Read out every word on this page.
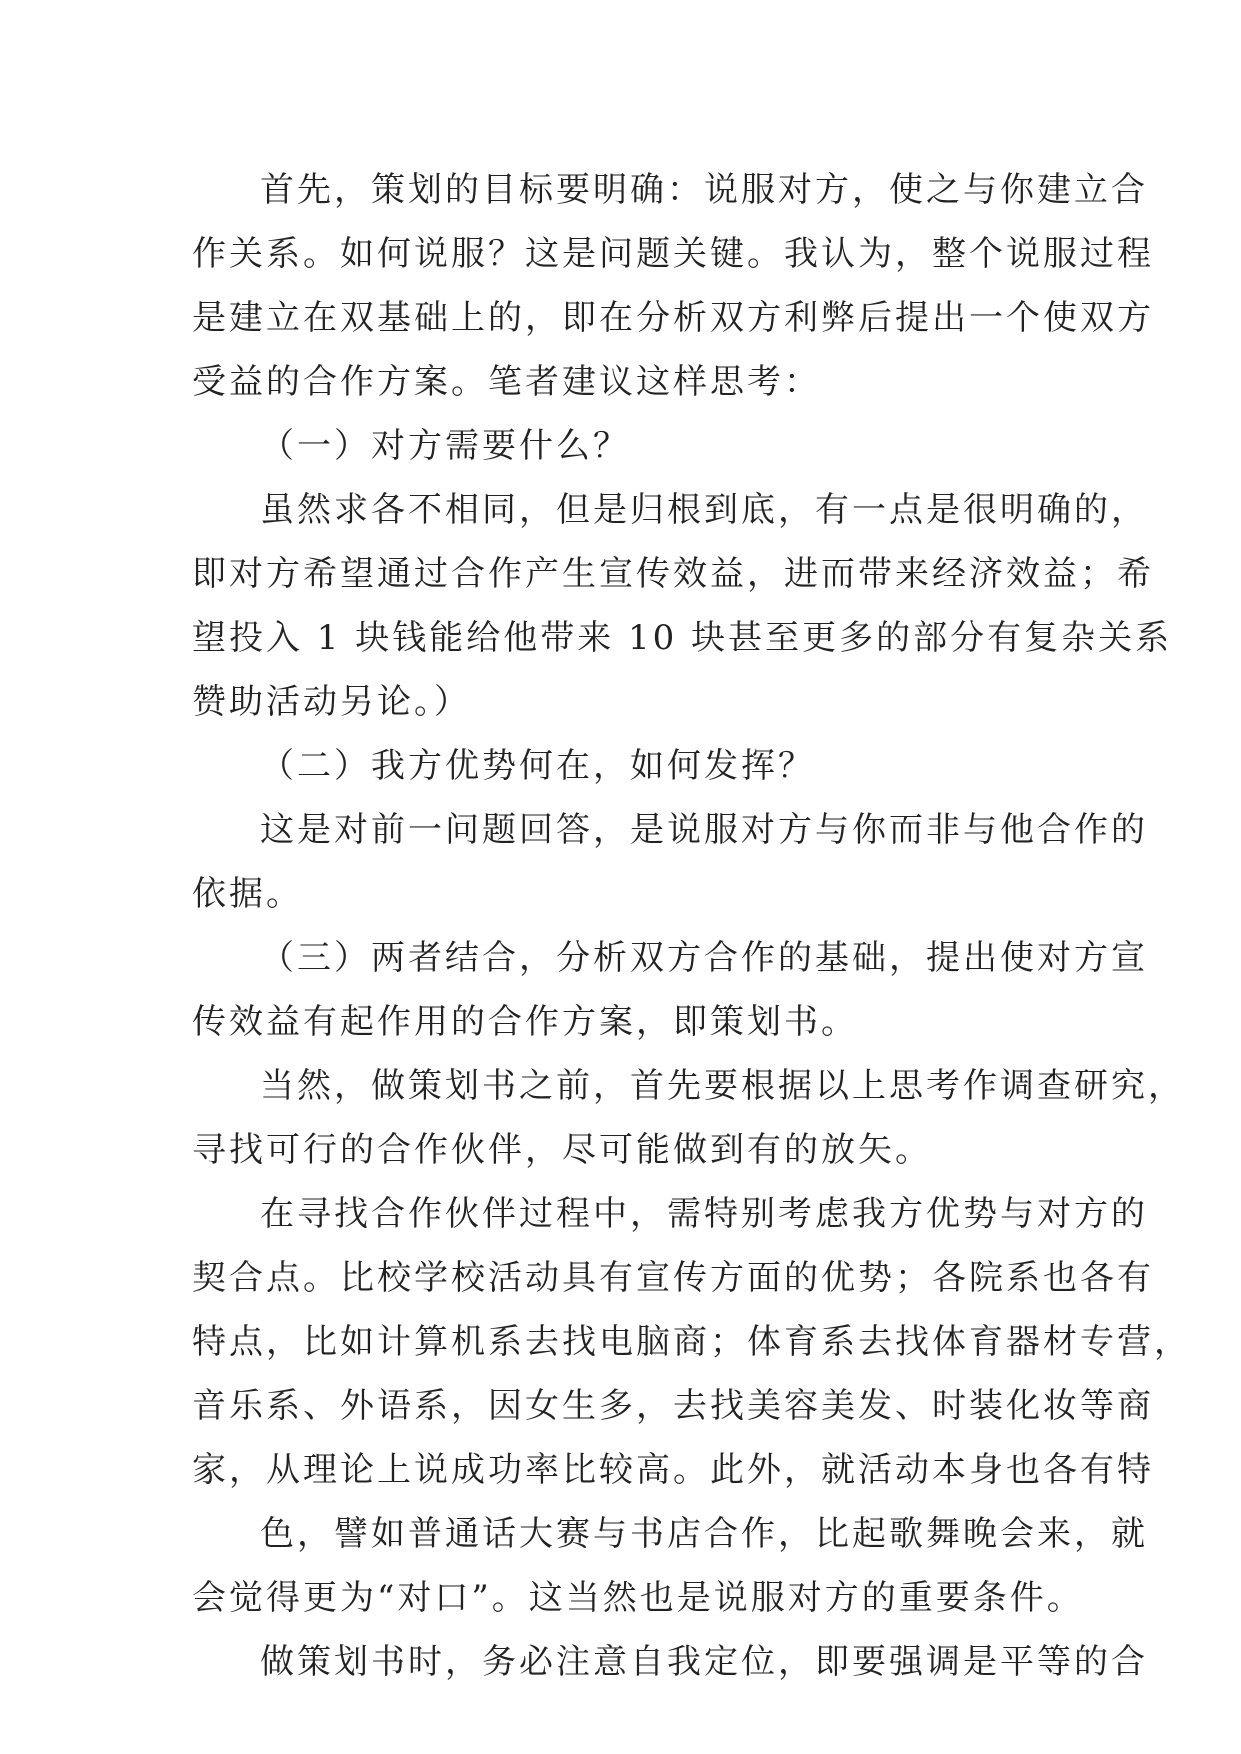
首先，策划的目标要明确：说服对方，使之与你建立合
作关系。如何说服？这是问题关键。我认为，整个说服过程
是建立在双基础上的，即在分析双方利弊后提出一个使双方
受益的合作方案。笔者建议这样思考：
（一）对方需要什么？
虽然求各不相同，但是归根到底，有一点是很明确的，
即对方希望通过合作产生宣传效益，进而带来经济效益；希
望投入 1 块钱能给他带来 10 块甚至更多的部分有复杂关系
赞助活动另论。）
（二）我方优势何在，如何发挥？
这是对前一问题回答，是说服对方与你而非与他合作的
依据。
（三）两者结合，分析双方合作的基础，提出使对方宣
传效益有起作用的合作方案，即策划书。
当然，做策划书之前，首先要根据以上思考作调查研究，
寻找可行的合作伙伴，尽可能做到有的放矢。
在寻找合作伙伴过程中，需特别考虑我方优势与对方的
契合点。比校学校活动具有宣传方面的优势；各院系也各有
特点，比如计算机系去找电脑商；体育系去找体育器材专营，
音乐系、外语系，因女生多，去找美容美发、时装化妆等商
家，从理论上说成功率比较高。此外，就活动本身也各有特
色，譬如普通话大赛与书店合作，比起歌舞晚会来，就
会觉得更为“对口”。这当然也是说服对方的重要条件。
做策划书时，务必注意自我定位，即要强调是平等的合
